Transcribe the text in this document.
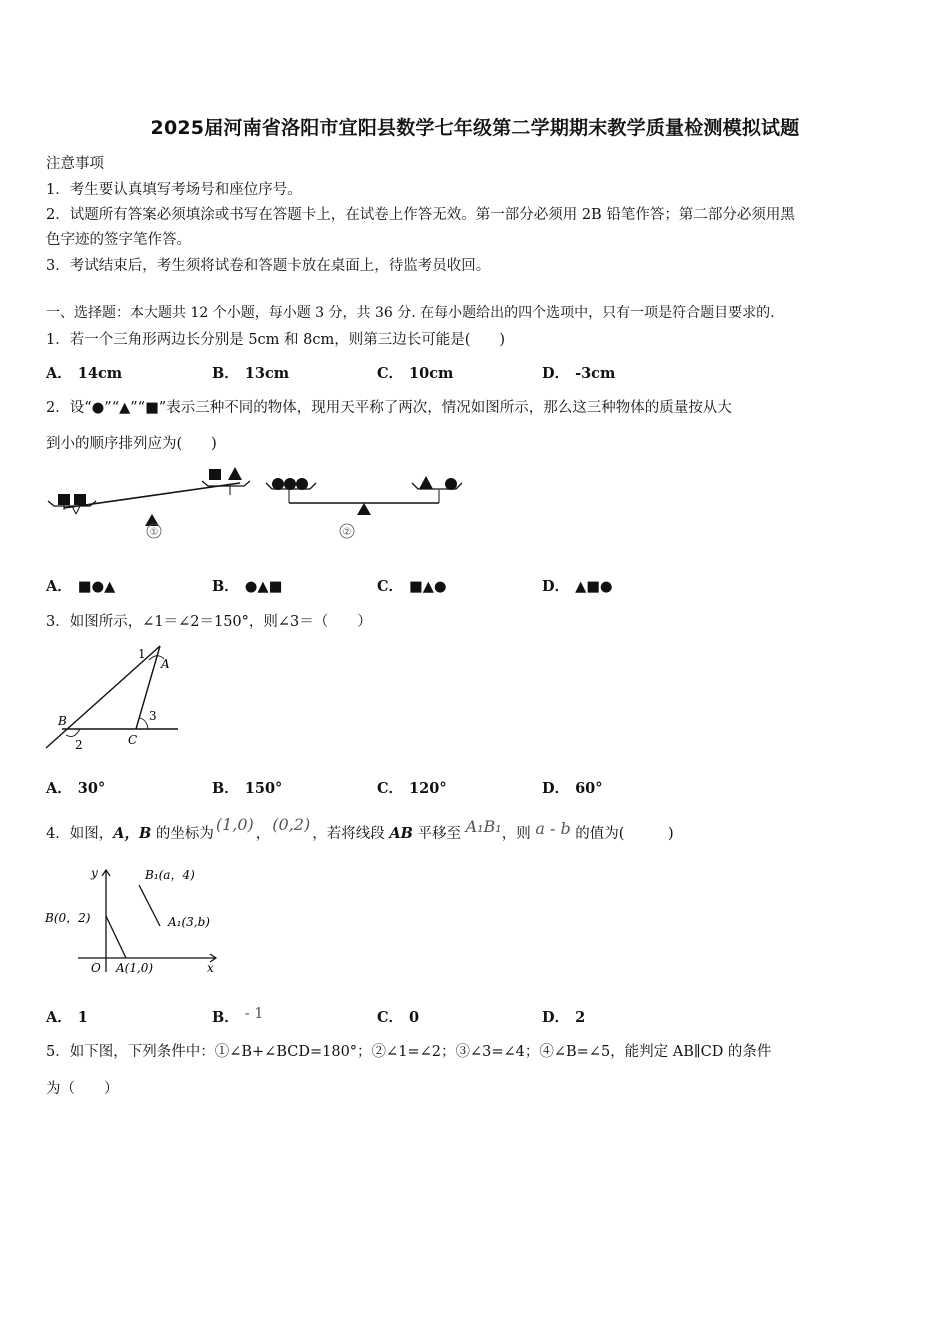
2025届河南省洛阳市宜阳县数学七年级第二学期期末教学质量检测模拟试题
注意事项
1．考生要认真填写考场号和座位序号。
2．试题所有答案必须填涂或书写在答题卡上，在试卷上作答无效。第一部分必须用 2B 铅笔作答；第二部分必须用黑
色字迹的签字笔作答。
3．考试结束后，考生须将试卷和答题卡放在桌面上，待监考员收回。
一、选择题：本大题共 12 个小题，每小题 3 分，共 36 分. 在每小题给出的四个选项中，只有一项是符合题目要求的.
1．若一个三角形两边长分别是 5cm 和 8cm，则第三边长可能是(　　)
A． 14cm	B． 13cm	C． 10cm	D． -3cm
2．设“●”“▲”“■”表示三种不同的物体，现用天平称了两次，情况如图所示，那么这三种物体的质量按从大
到小的顺序排列应为(　　)
①	②
A． ■●▲	B． ●▲■	C． ■▲●	D． ▲■●
3．如图所示，∠1＝∠2＝150°，则∠3＝（　　）
1
A
B
2	C
3
A． 30°	B． 150°	C． 120°	D． 60°
4．如图，A，B 的坐标为 (1,0) ， (0,2) ，若将线段 AB 平移至 A₁B₁，则 a - b 的值为(　　　)
y
x
O
B(0，2)
A(1,0)
B₁(a，4)
A₁(3,b)
A． 1	B． - 1	C． 0	D． 2
5．如下图，下列条件中：①∠B+∠BCD=180°；②∠1=∠2；③∠3=∠4；④∠B=∠5，能判定 AB∥CD 的条件
为（　　）
